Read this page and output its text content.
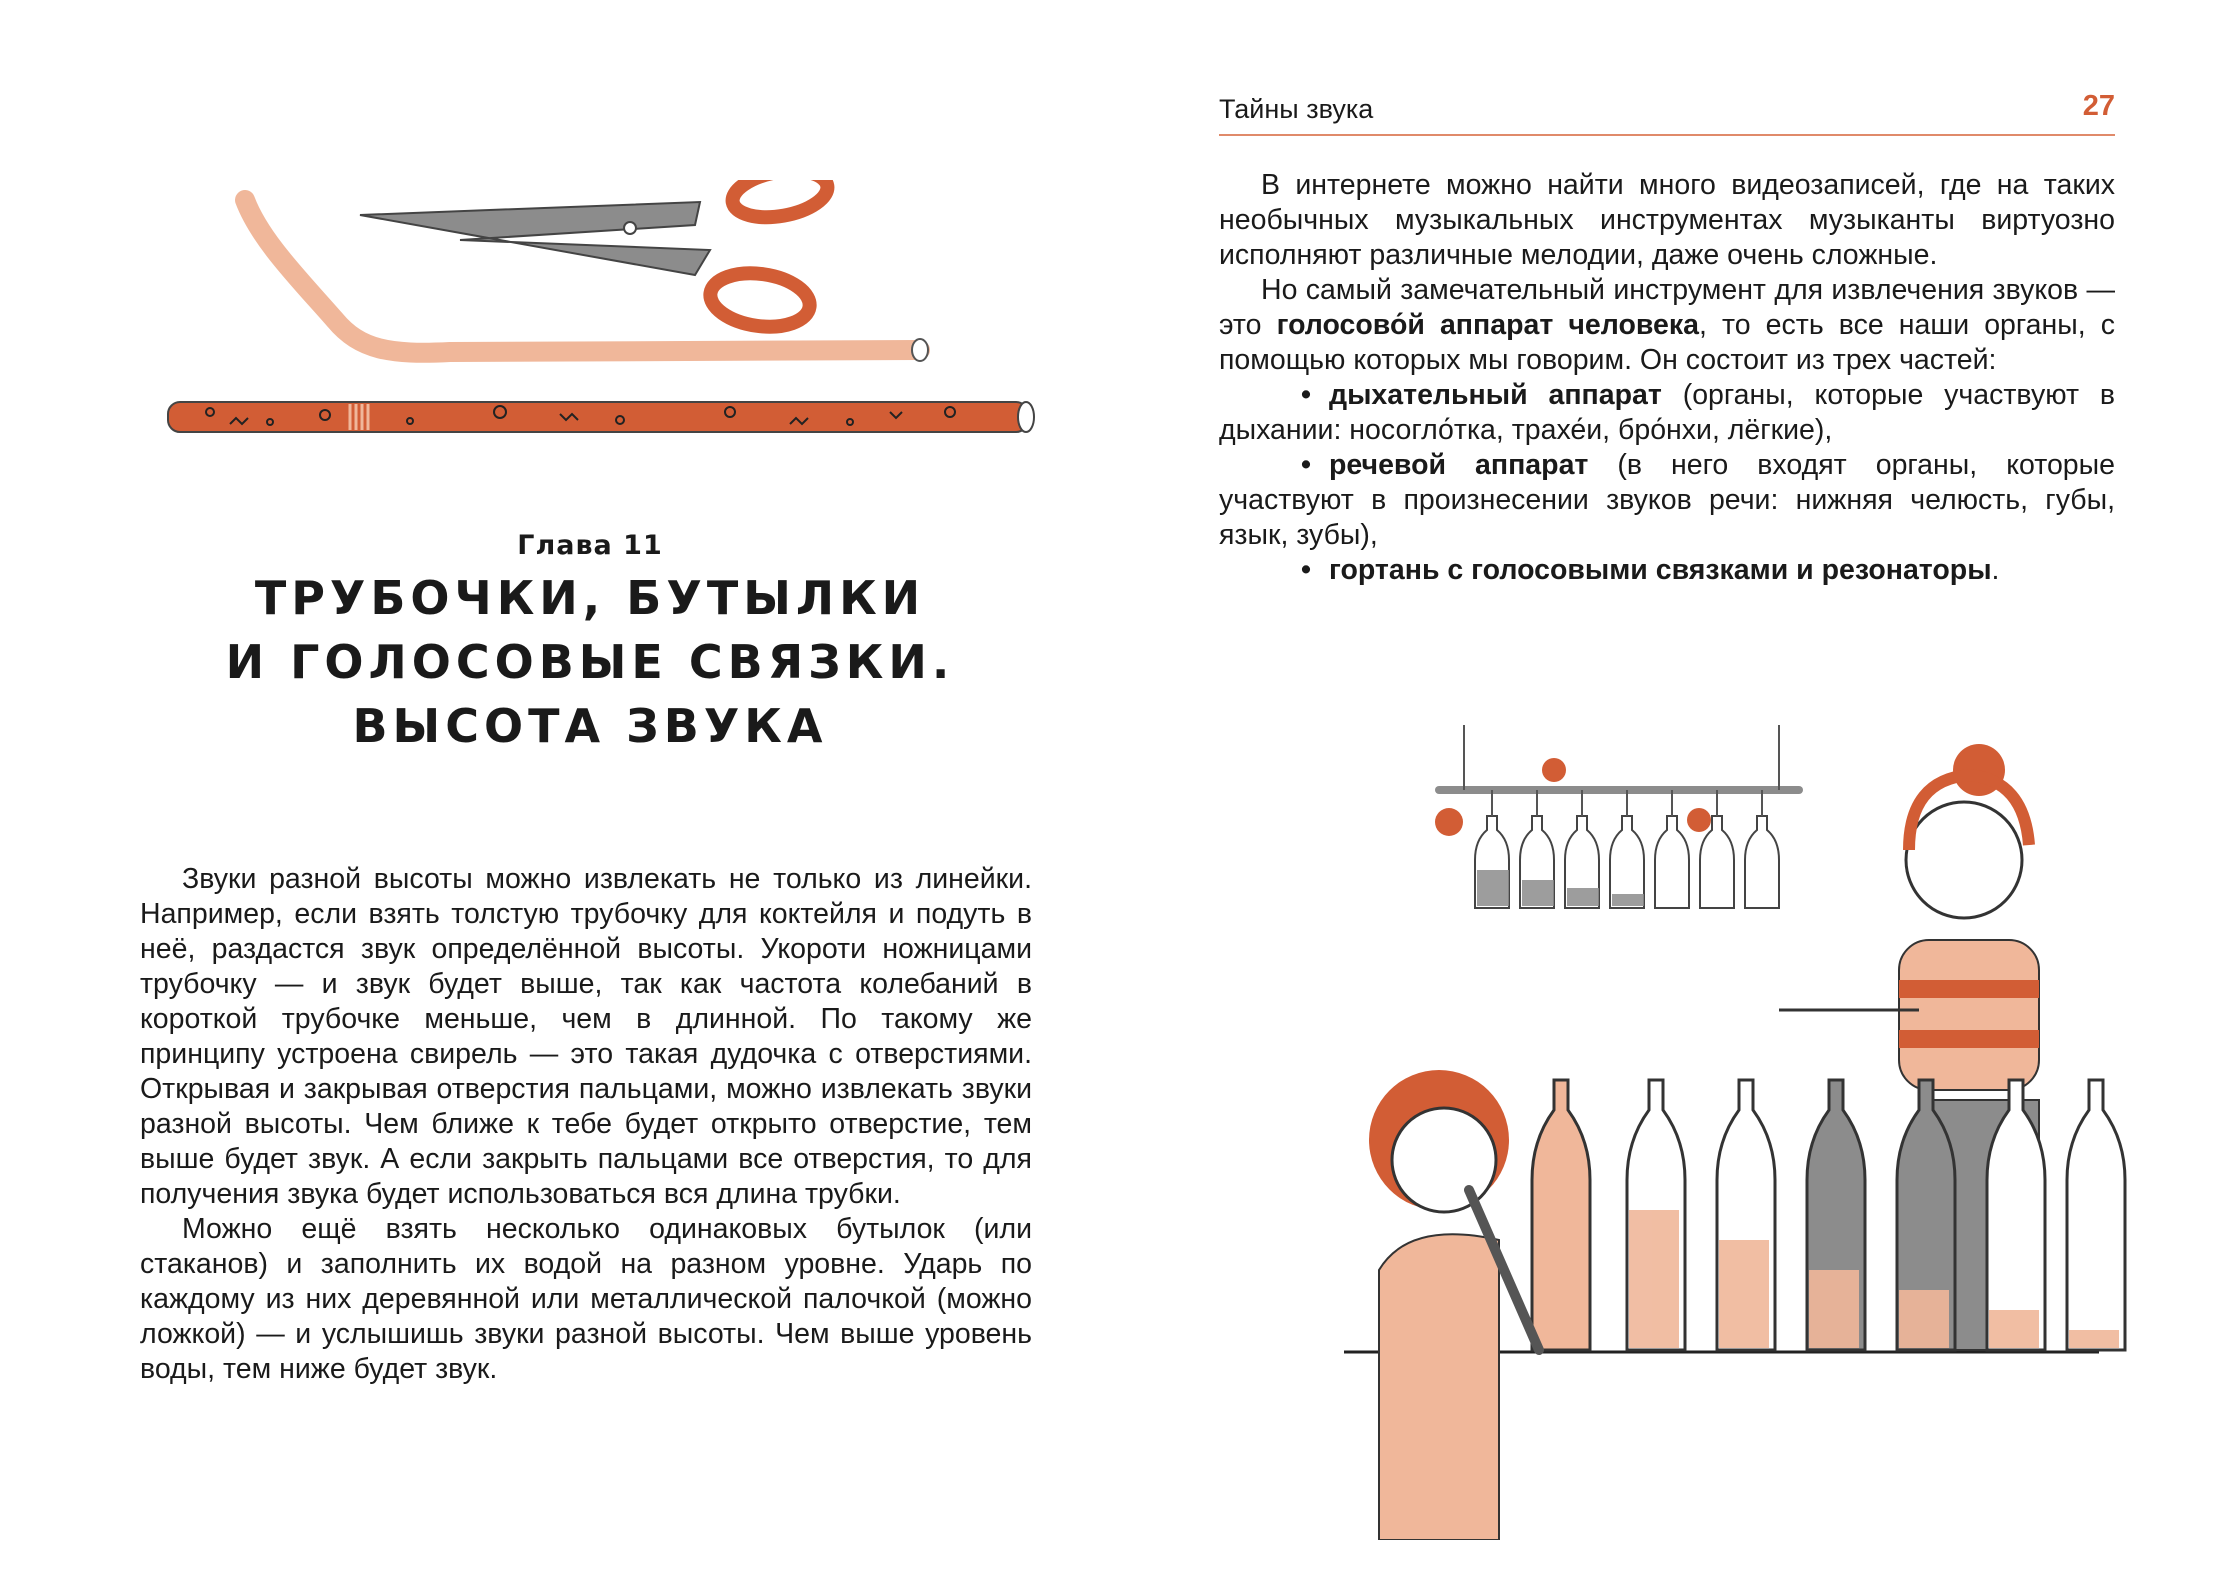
Глава 11
ТРУБОЧКИ, БУТЫЛКИ
И ГОЛОСОВЫЕ СВЯЗКИ.
ВЫСОТА ЗВУКА

Звуки разной высоты можно извлекать не только из линейки. Например, если взять толстую трубочку для коктейля и подуть в неё, раздастся звук определённой высоты. Укороти ножницами трубочку — и звук будет выше, так как частота колебаний в короткой трубочке меньше, чем в длинной. По такому же принципу устроена свирель — это такая дудочка с отверстиями. Открывая и закрывая отверстия пальцами, можно извлекать звуки разной высоты. Чем ближе к тебе будет открыто отверстие, тем выше будет звук. А если закрыть пальцами все отверстия, то для получения звука будет использоваться вся длина трубки.

Можно ещё взять несколько одинаковых бутылок (или стаканов) и заполнить их водой на разном уровне. Ударь по каждому из них деревянной или металлической палочкой (можно ложкой) — и услышишь звуки разной высоты. Чем выше уровень воды, тем ниже будет звук.

Тайны звука	27

В интернете можно найти много видеозаписей, где на таких необычных музыкальных инструментах музыканты виртуозно исполняют различные мелодии, даже очень сложные.

Но самый замечательный инструмент для извлечения звуков — это голосово́й аппарат человека, то есть все наши органы, с помощью которых мы говорим. Он состоит из трех частей:

• дыхательный аппарат (органы, которые участвуют в дыхании: носогло́тка, трахе́и, бро́нхи, лёгкие),

• речевой аппарат (в него входят органы, которые участвуют в произнесении звуков речи: нижняя челюсть, губы, язык, зубы),

• гортань с голосовыми связками и резонаторы.
